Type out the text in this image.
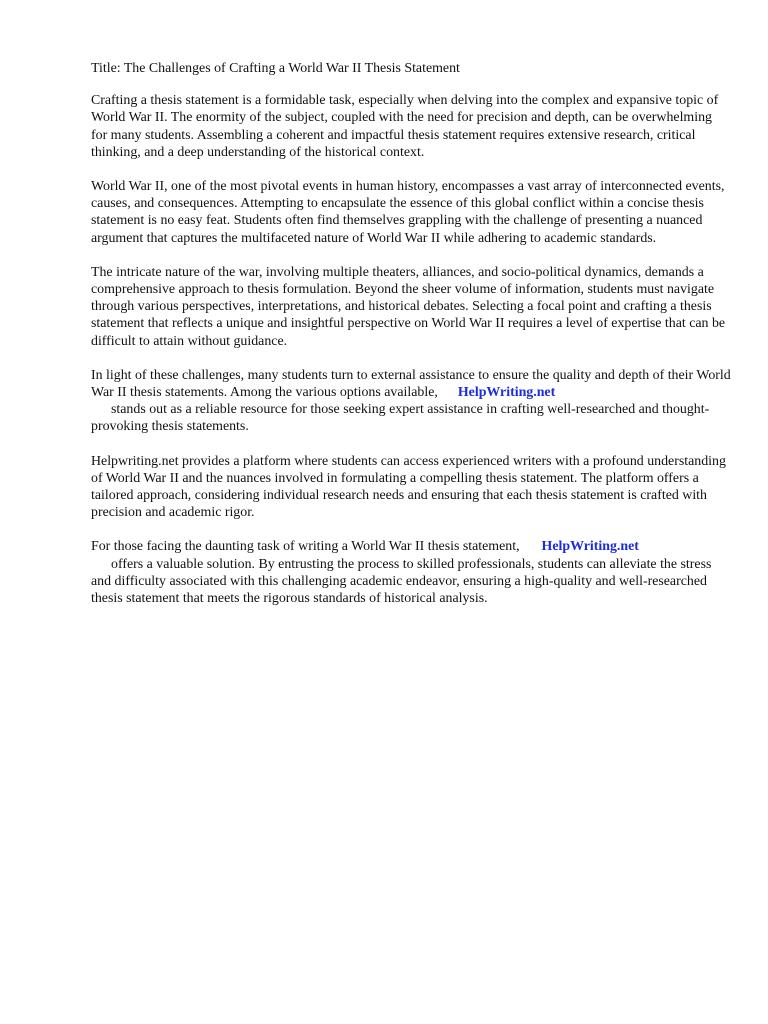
Title: The Challenges of Crafting a World War II Thesis Statement

Crafting a thesis statement is a formidable task, especially when delving into the complex and expansive topic of World War II. The enormity of the subject, coupled with the need for precision and depth, can be overwhelming for many students. Assembling a coherent and impactful thesis statement requires extensive research, critical thinking, and a deep understanding of the historical context.

World War II, one of the most pivotal events in human history, encompasses a vast array of interconnected events, causes, and consequences. Attempting to encapsulate the essence of this global conflict within a concise thesis statement is no easy feat. Students often find themselves grappling with the challenge of presenting a nuanced argument that captures the multifaceted nature of World War II while adhering to academic standards.

The intricate nature of the war, involving multiple theaters, alliances, and socio-political dynamics, demands a comprehensive approach to thesis formulation. Beyond the sheer volume of information, students must navigate through various perspectives, interpretations, and historical debates. Selecting a focal point and crafting a thesis statement that reflects a unique and insightful perspective on World War II requires a level of expertise that can be difficult to attain without guidance.

In light of these challenges, many students turn to external assistance to ensure the quality and depth of their World War II thesis statements. Among the various options available, HelpWriting.net
stands out as a reliable resource for those seeking expert assistance in crafting well-researched and thought-provoking thesis statements.

Helpwriting.net provides a platform where students can access experienced writers with a profound understanding of World War II and the nuances involved in formulating a compelling thesis statement. The platform offers a tailored approach, considering individual research needs and ensuring that each thesis statement is crafted with precision and academic rigor.

For those facing the daunting task of writing a World War II thesis statement, HelpWriting.net
offers a valuable solution. By entrusting the process to skilled professionals, students can alleviate the stress and difficulty associated with this challenging academic endeavor, ensuring a high-quality and well-researched thesis statement that meets the rigorous standards of historical analysis.
